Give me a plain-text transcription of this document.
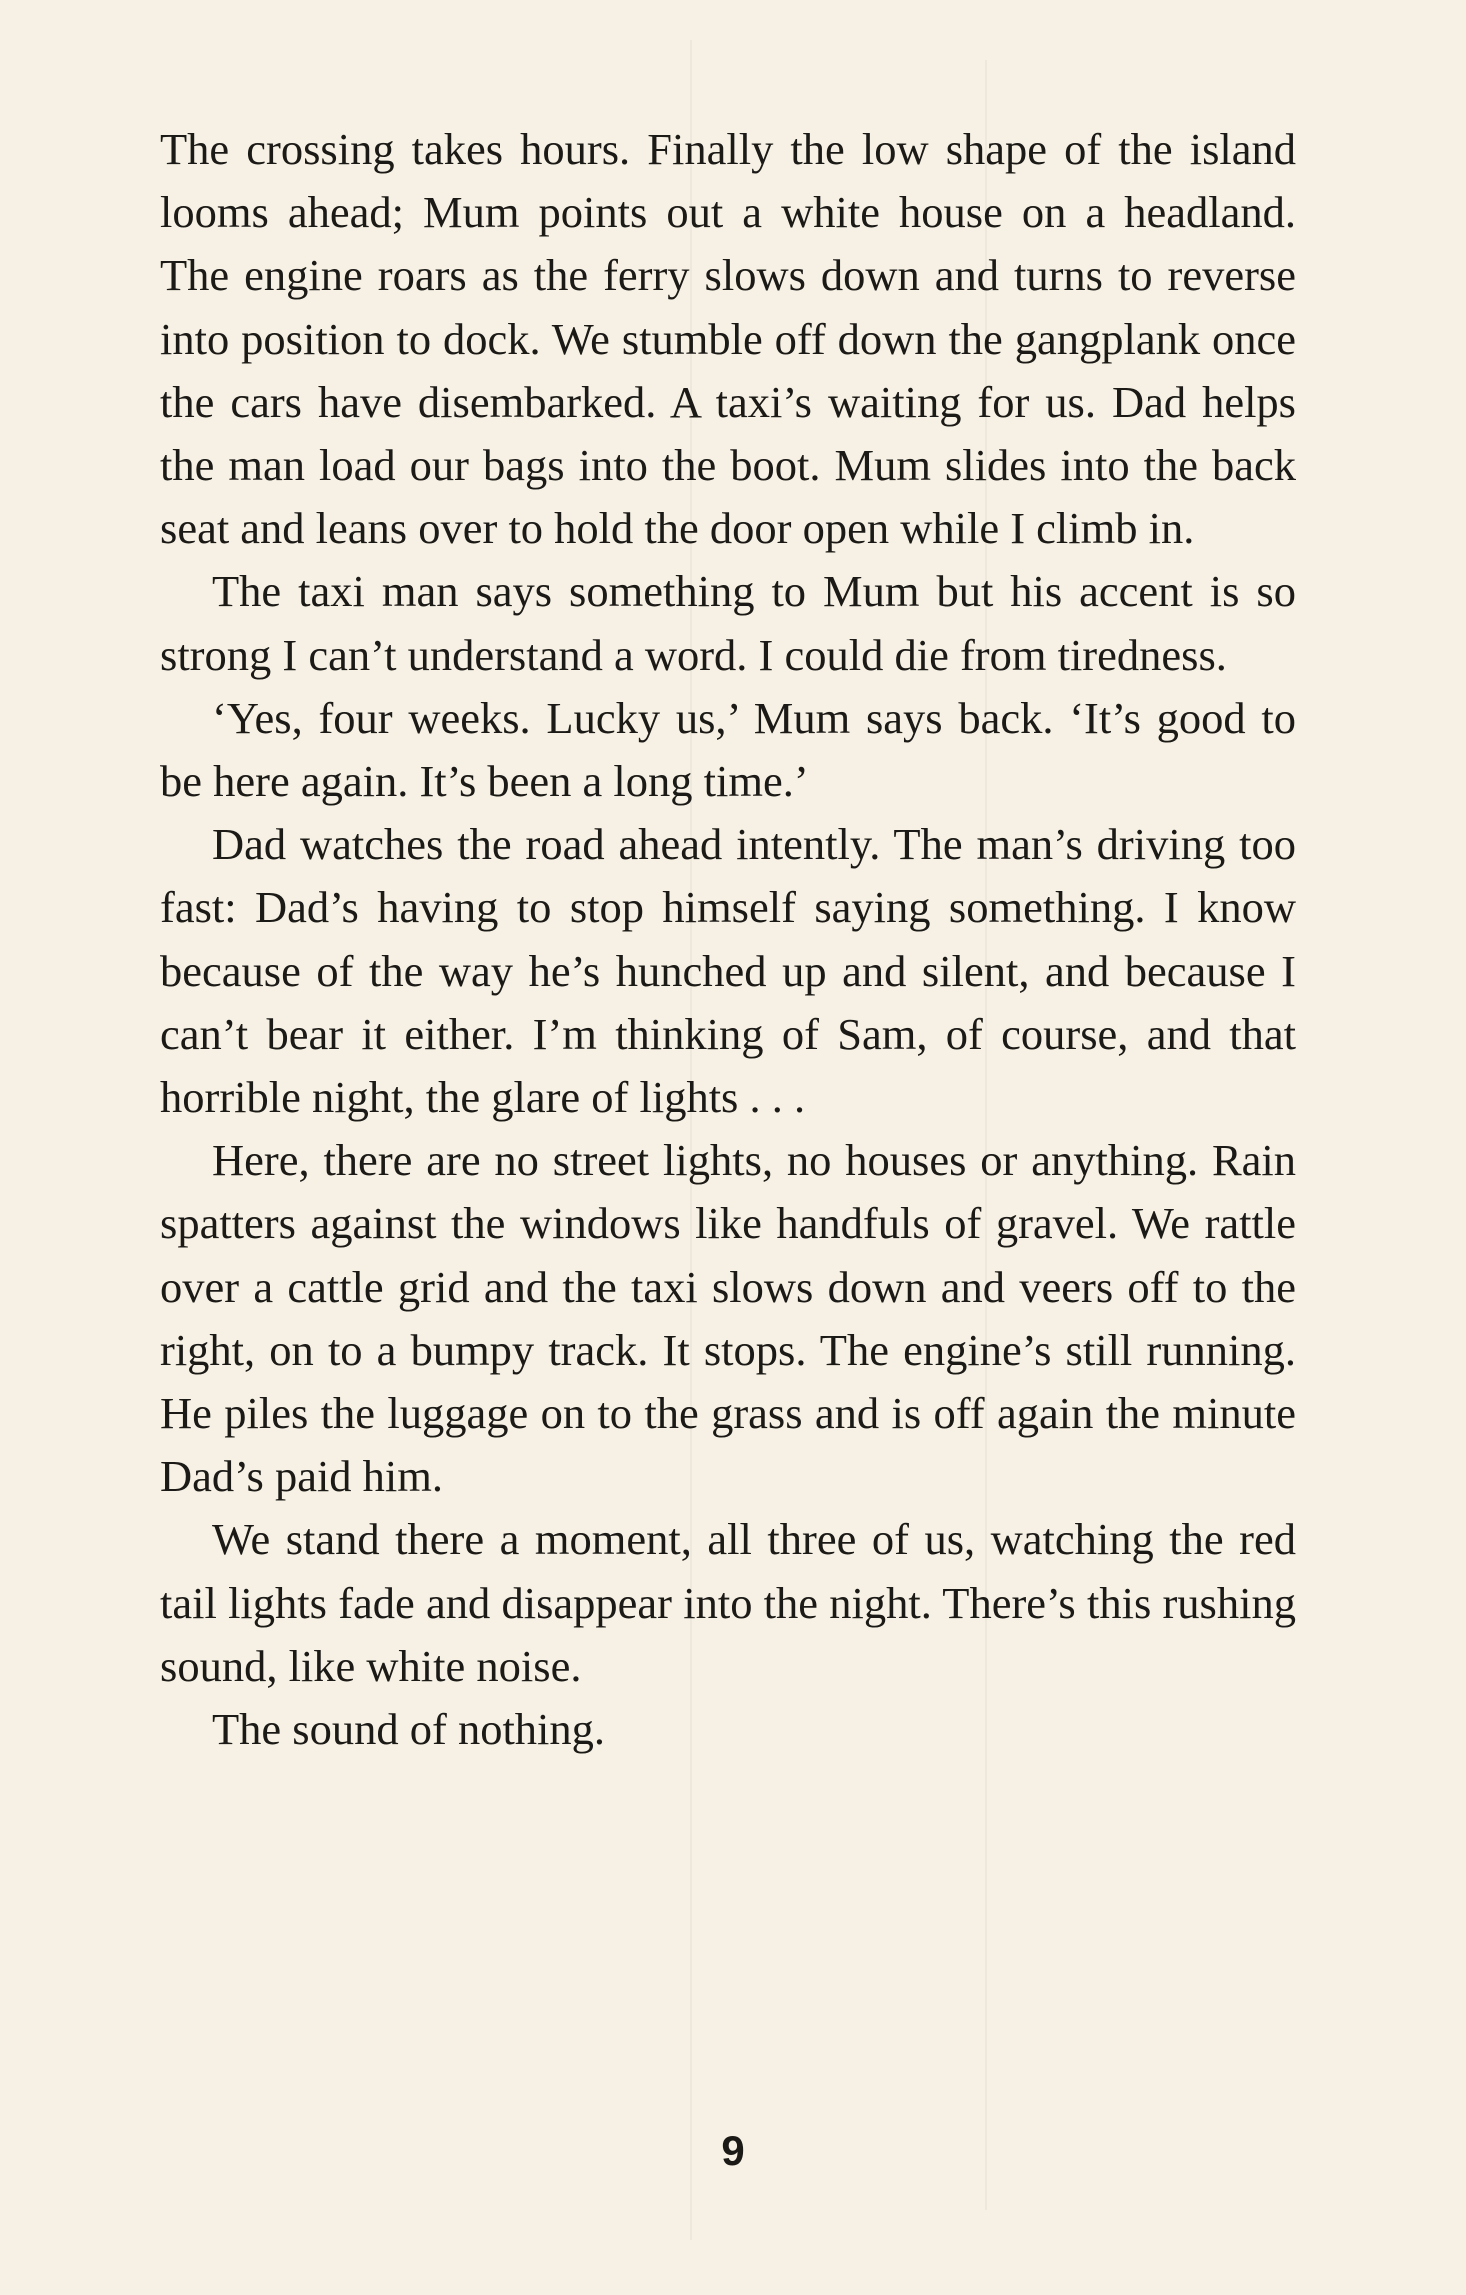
The crossing takes hours. Finally the low shape of the island looms ahead; Mum points out a white house on a headland. The engine roars as the ferry slows down and turns to reverse into position to dock. We stumble off down the gangplank once the cars have disembarked. A taxi’s waiting for us. Dad helps the man load our bags into the boot. Mum slides into the back seat and leans over to hold the door open while I climb in.

The taxi man says something to Mum but his accent is so strong I can’t understand a word. I could die from tiredness.

‘Yes, four weeks. Lucky us,’ Mum says back. ‘It’s good to be here again. It’s been a long time.’

Dad watches the road ahead intently. The man’s driving too fast: Dad’s having to stop himself saying something. I know because of the way he’s hunched up and silent, and because I can’t bear it either. I’m thinking of Sam, of course, and that horrible night, the glare of lights . . .

Here, there are no street lights, no houses or anything. Rain spatters against the windows like handfuls of gravel. We rattle over a cattle grid and the taxi slows down and veers off to the right, on to a bumpy track. It stops. The engine’s still running. He piles the luggage on to the grass and is off again the minute Dad’s paid him.

We stand there a moment, all three of us, watching the red tail lights fade and disappear into the night. There’s this rushing sound, like white noise.

The sound of nothing.

9
